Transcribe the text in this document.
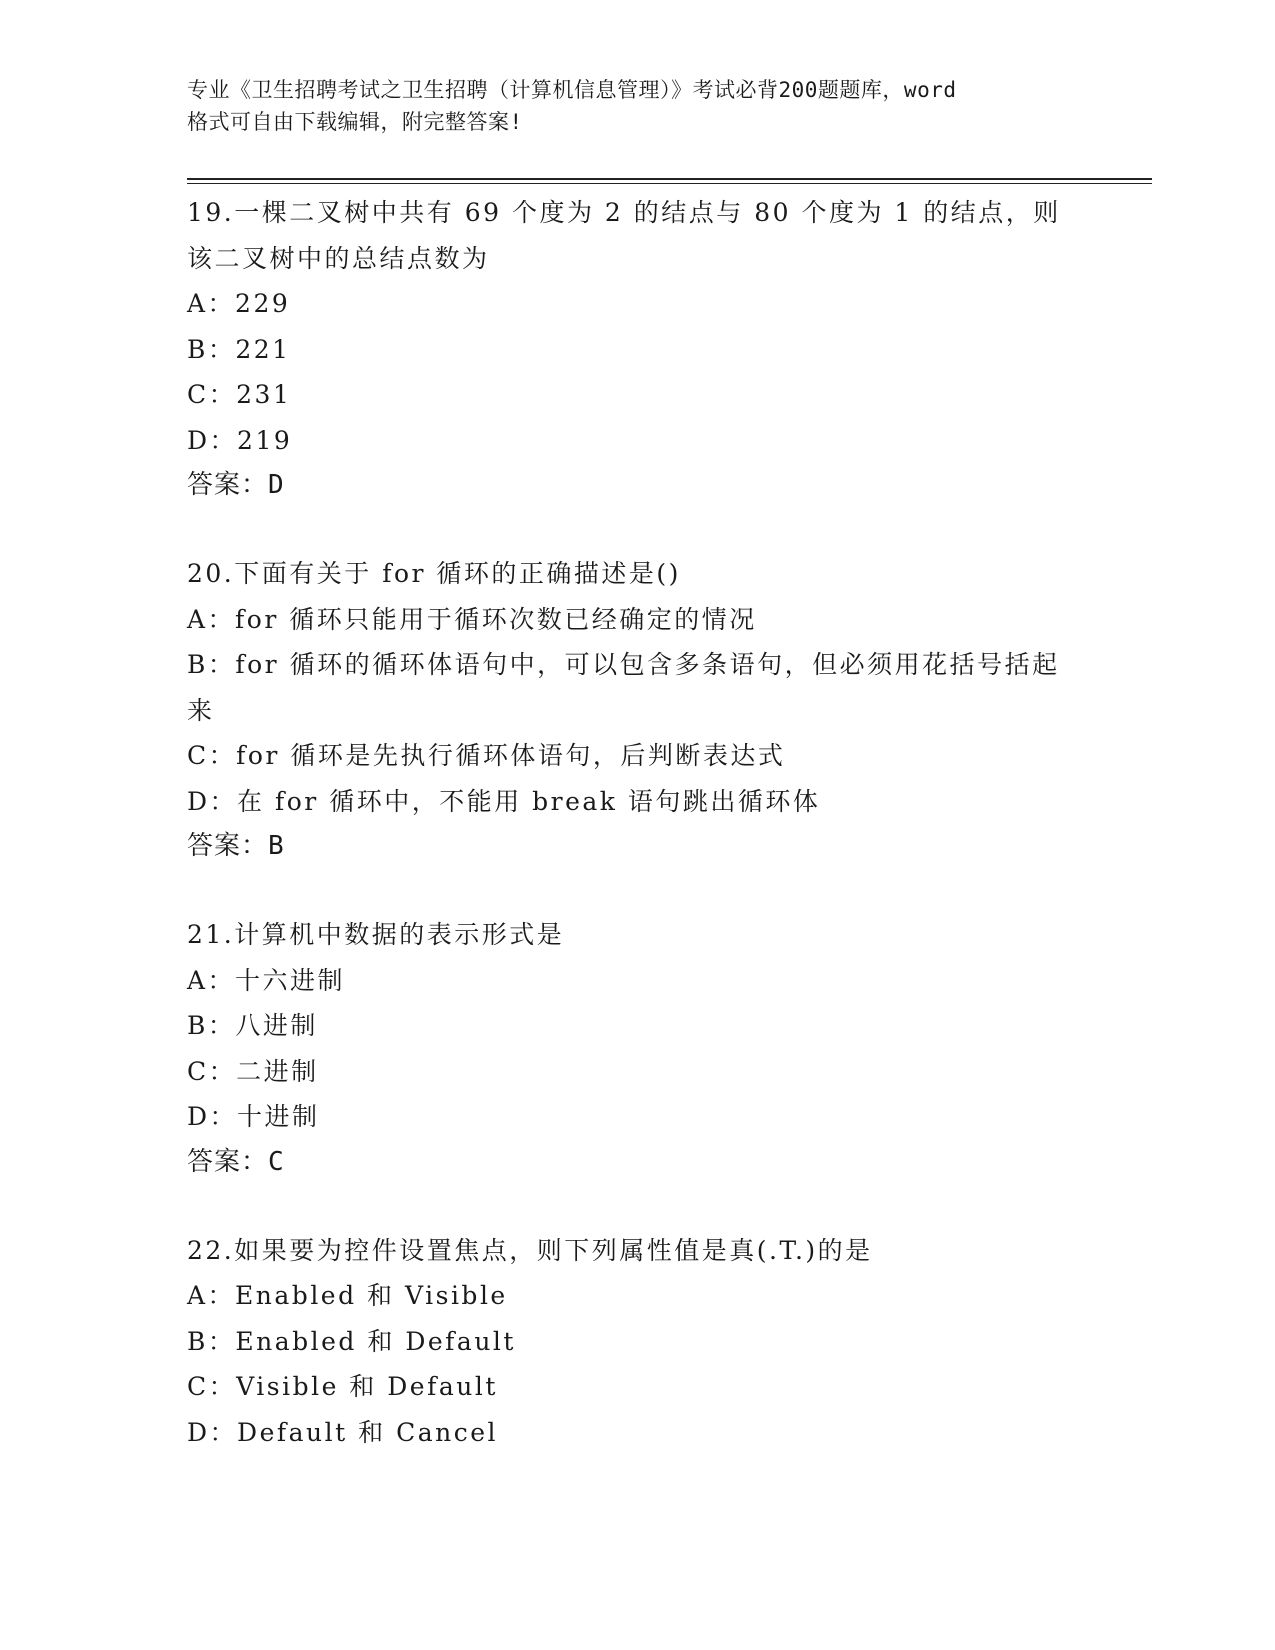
专业《卫生招聘考试之卫生招聘（计算机信息管理）》考试必背200题题库，word
格式可自由下载编辑，附完整答案!
19.一棵二叉树中共有 69 个度为 2 的结点与 80 个度为 1 的结点，则该二叉树中的总结点数为
A：229
B：221
C：231
D：219
答案：D
20.下面有关于 for 循环的正确描述是()
A：for 循环只能用于循环次数已经确定的情况
B：for 循环的循环体语句中，可以包含多条语句，但必须用花括号括起来
C：for 循环是先执行循环体语句，后判断表达式
D：在 for 循环中，不能用 break 语句跳出循环体
答案：B
21.计算机中数据的表示形式是
A：十六进制
B：八进制
C：二进制
D：十进制
答案：C
22.如果要为控件设置焦点，则下列属性值是真(.T.)的是
A：Enabled 和 Visible
B：Enabled 和 Default
C：Visible 和 Default
D：Default 和 Cancel
